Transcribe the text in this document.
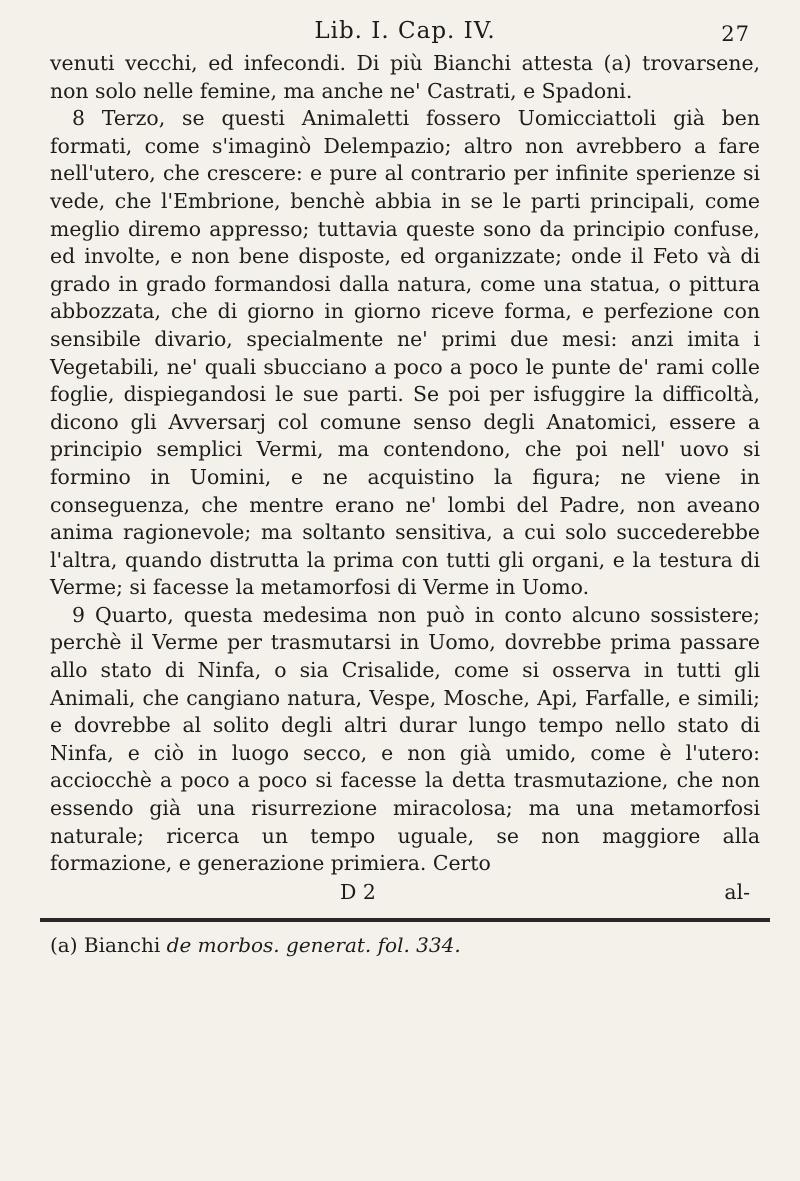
Lib. I. Cap. IV.	27

venuti vecchi, ed infecondi. Di più Bianchi attesta (a) trovarsene, non solo nelle femine, ma anche ne' Castrati, e Spadoni.

8 Terzo, se questi Animaletti fossero Uomicciattoli già ben formati, come s'imaginò Delempazio; altro non avrebbero a fare nell'utero, che crescere: e pure al contrario per infinite sperienze si vede, che l'Embrione, benchè abbia in se le parti principali, come meglio diremo appresso; tuttavia queste sono da principio confuse, ed involte, e non bene disposte, ed organizzate; onde il Feto và di grado in grado formandosi dalla natura, come una statua, o pittura abbozzata, che di giorno in giorno riceve forma, e perfezione con sensibile divario, specialmente ne' primi due mesi: anzi imita i Vegetabili, ne' quali sbucciano a poco a poco le punte de' rami colle foglie, dispiegandosi le sue parti. Se poi per isfuggire la difficoltà, dicono gli Avversarj col comune senso degli Anatomici, essere a principio semplici Vermi, ma contendono, che poi nell' uovo si formino in Uomini, e ne acquistino la figura; ne viene in conseguenza, che mentre erano ne' lombi del Padre, non aveano anima ragionevole; ma soltanto sensitiva, a cui solo succederebbe l'altra, quando distrutta la prima con tutti gli organi, e la testura di Verme; si facesse la metamorfosi di Verme in Uomo.

9 Quarto, questa medesima non può in conto alcuno sossistere; perchè il Verme per trasmutarsi in Uomo, dovrebbe prima passare allo stato di Ninfa, o sia Crisalide, come si osserva in tutti gli Animali, che cangiano natura, Vespe, Mosche, Api, Farfalle, e simili; e dovrebbe al solito degli altri durar lungo tempo nello stato di Ninfa, e ciò in luogo secco, e non già umido, come è l'utero: acciocchè a poco a poco si facesse la detta trasmutazione, che non essendo già una risurrezione miracolosa; ma una metamorfosi naturale; ricerca un tempo uguale, se non maggiore alla formazione, e generazione primiera. Certo

D 2	al-

(a) Bianchi de morbos. generat. fol. 334.
